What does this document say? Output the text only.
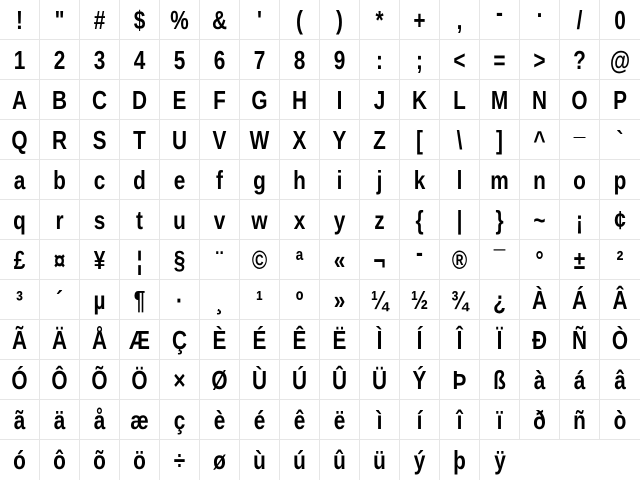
!	"	#	$ % &	'	(	)	*	+	,	-	.	/	0
1	2	3	4	5	6	7	8	9	:	;	<	=	>	? @
A B C D E	F G H	I	J	K	L M N O P
Q R S	T	U V W X	Y	Z	[	\	]	^	_	`
a	b	c	d	e	f	g	h	i	j	k	l	m n	o	p
q	r	s	t	u	v	w	x	y	z	{	|	}	~	¡	¢
£	¤	¥	¦	§	¨	©	ª	«	¬	-	®	¯	°	±	²
³	´	µ	¶	·	¸	¹	º	» ¼ ½ ¾ ¿	À Á Â
Ã Ä Å Æ Ç È	É	Ê	Ë	Ì	Í	Î	Ï	Ð Ñ Ò
Ó Ô Õ Ö × Ø Ù Ú Û Ü Ý	Þ	ß	à	á	â
ã	ä	å æ ç	è	é	ê	ë	ì	í	î	ï	ð	ñ	ò
ó	ô	õ	ö	÷	ø	ù	ú	û	ü	ý	þ	ÿ
